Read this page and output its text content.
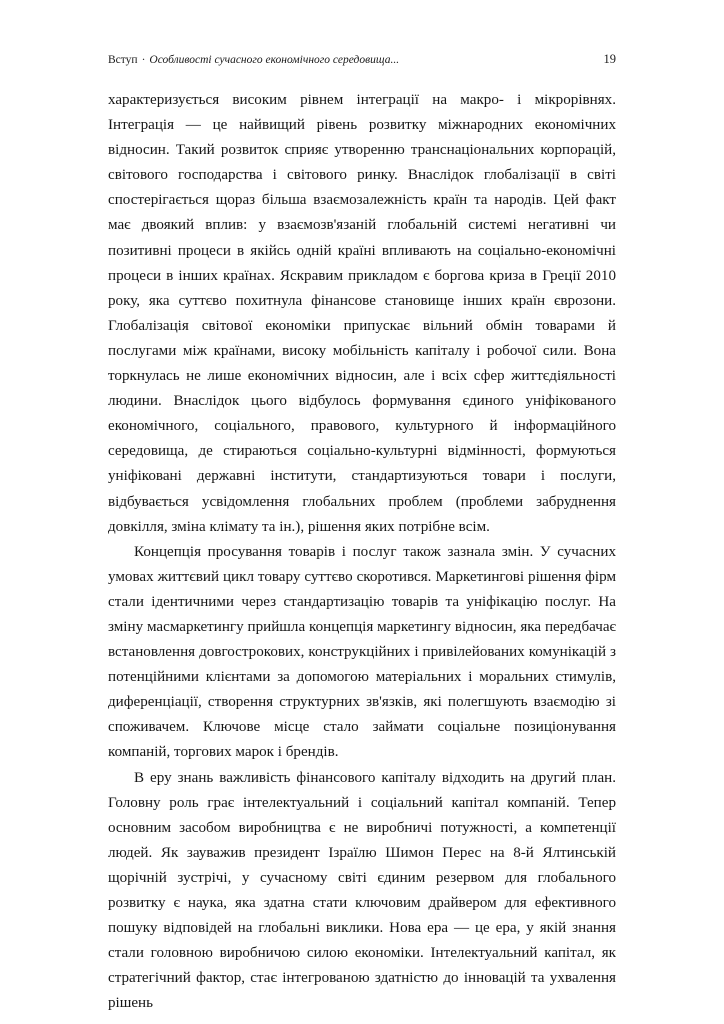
Вступ · Особливості сучасного економічного середовища...	19

характеризується високим рівнем інтеграції на макро- і мікрорівнях. Інтеграція — це найвищий рівень розвитку міжнародних економічних відносин. Такий розвиток сприяє утворенню транснаціональних корпорацій, світового господарства і світового ринку. Внаслідок глобалізації в світі спостерігається щораз більша взаємозалежність країн та народів. Цей факт має двоякий вплив: у взаємозв'язаній глобальній системі негативні чи позитивні процеси в якійсь одній країні впливають на соціально-економічні процеси в інших країнах. Яскравим прикладом є боргова криза в Греції 2010 року, яка суттєво похитнула фінансове становище інших країн єврозони. Глобалізація світової економіки припускає вільний обмін товарами й послугами між країнами, високу мобільність капіталу і робочої сили. Вона торкнулась не лише економічних відносин, але і всіх сфер життєдіяльності людини. Внаслідок цього відбулось формування єдиного уніфікованого економічного, соціального, правового, культурного й інформаційного середовища, де стираються соціально-культурні відмінності, формуються уніфіковані державні інститути, стандартизуються товари і послуги, відбувається усвідомлення глобальних проблем (проблеми забруднення довкілля, зміна клімату та ін.), рішення яких потрібне всім.

Концепція просування товарів і послуг також зазнала змін. У сучасних умовах життєвий цикл товару суттєво скоротився. Маркетингові рішення фірм стали ідентичними через стандартизацію товарів та уніфікацію послуг. На зміну масмаркетингу прийшла концепція маркетингу відносин, яка передбачає встановлення довгострокових, конструкційних і привілейованих комунікацій з потенційними клієнтами за допомогою матеріальних і моральних стимулів, диференціації, створення структурних зв'язків, які полегшують взаємодію зі споживачем. Ключове місце стало займати соціальне позиціонування компаній, торгових марок і брендів.

В еру знань важливість фінансового капіталу відходить на другий план. Головну роль грає інтелектуальний і соціальний капітал компаній. Тепер основним засобом виробництва є не виробничі потужності, а компетенції людей. Як зауважив президент Ізраїлю Шимон Перес на 8-й Ялтинській щорічній зустрічі, у сучасному світі єдиним резервом для глобального розвитку є наука, яка здатна стати ключовим драйвером для ефективного пошуку відповідей на глобальні виклики. Нова ера — це ера, у якій знання стали головною виробничою силою економіки. Інтелектуальний капітал, як стратегічний фактор, стає інтегрованою здатністю до інновацій та ухвалення рішень
